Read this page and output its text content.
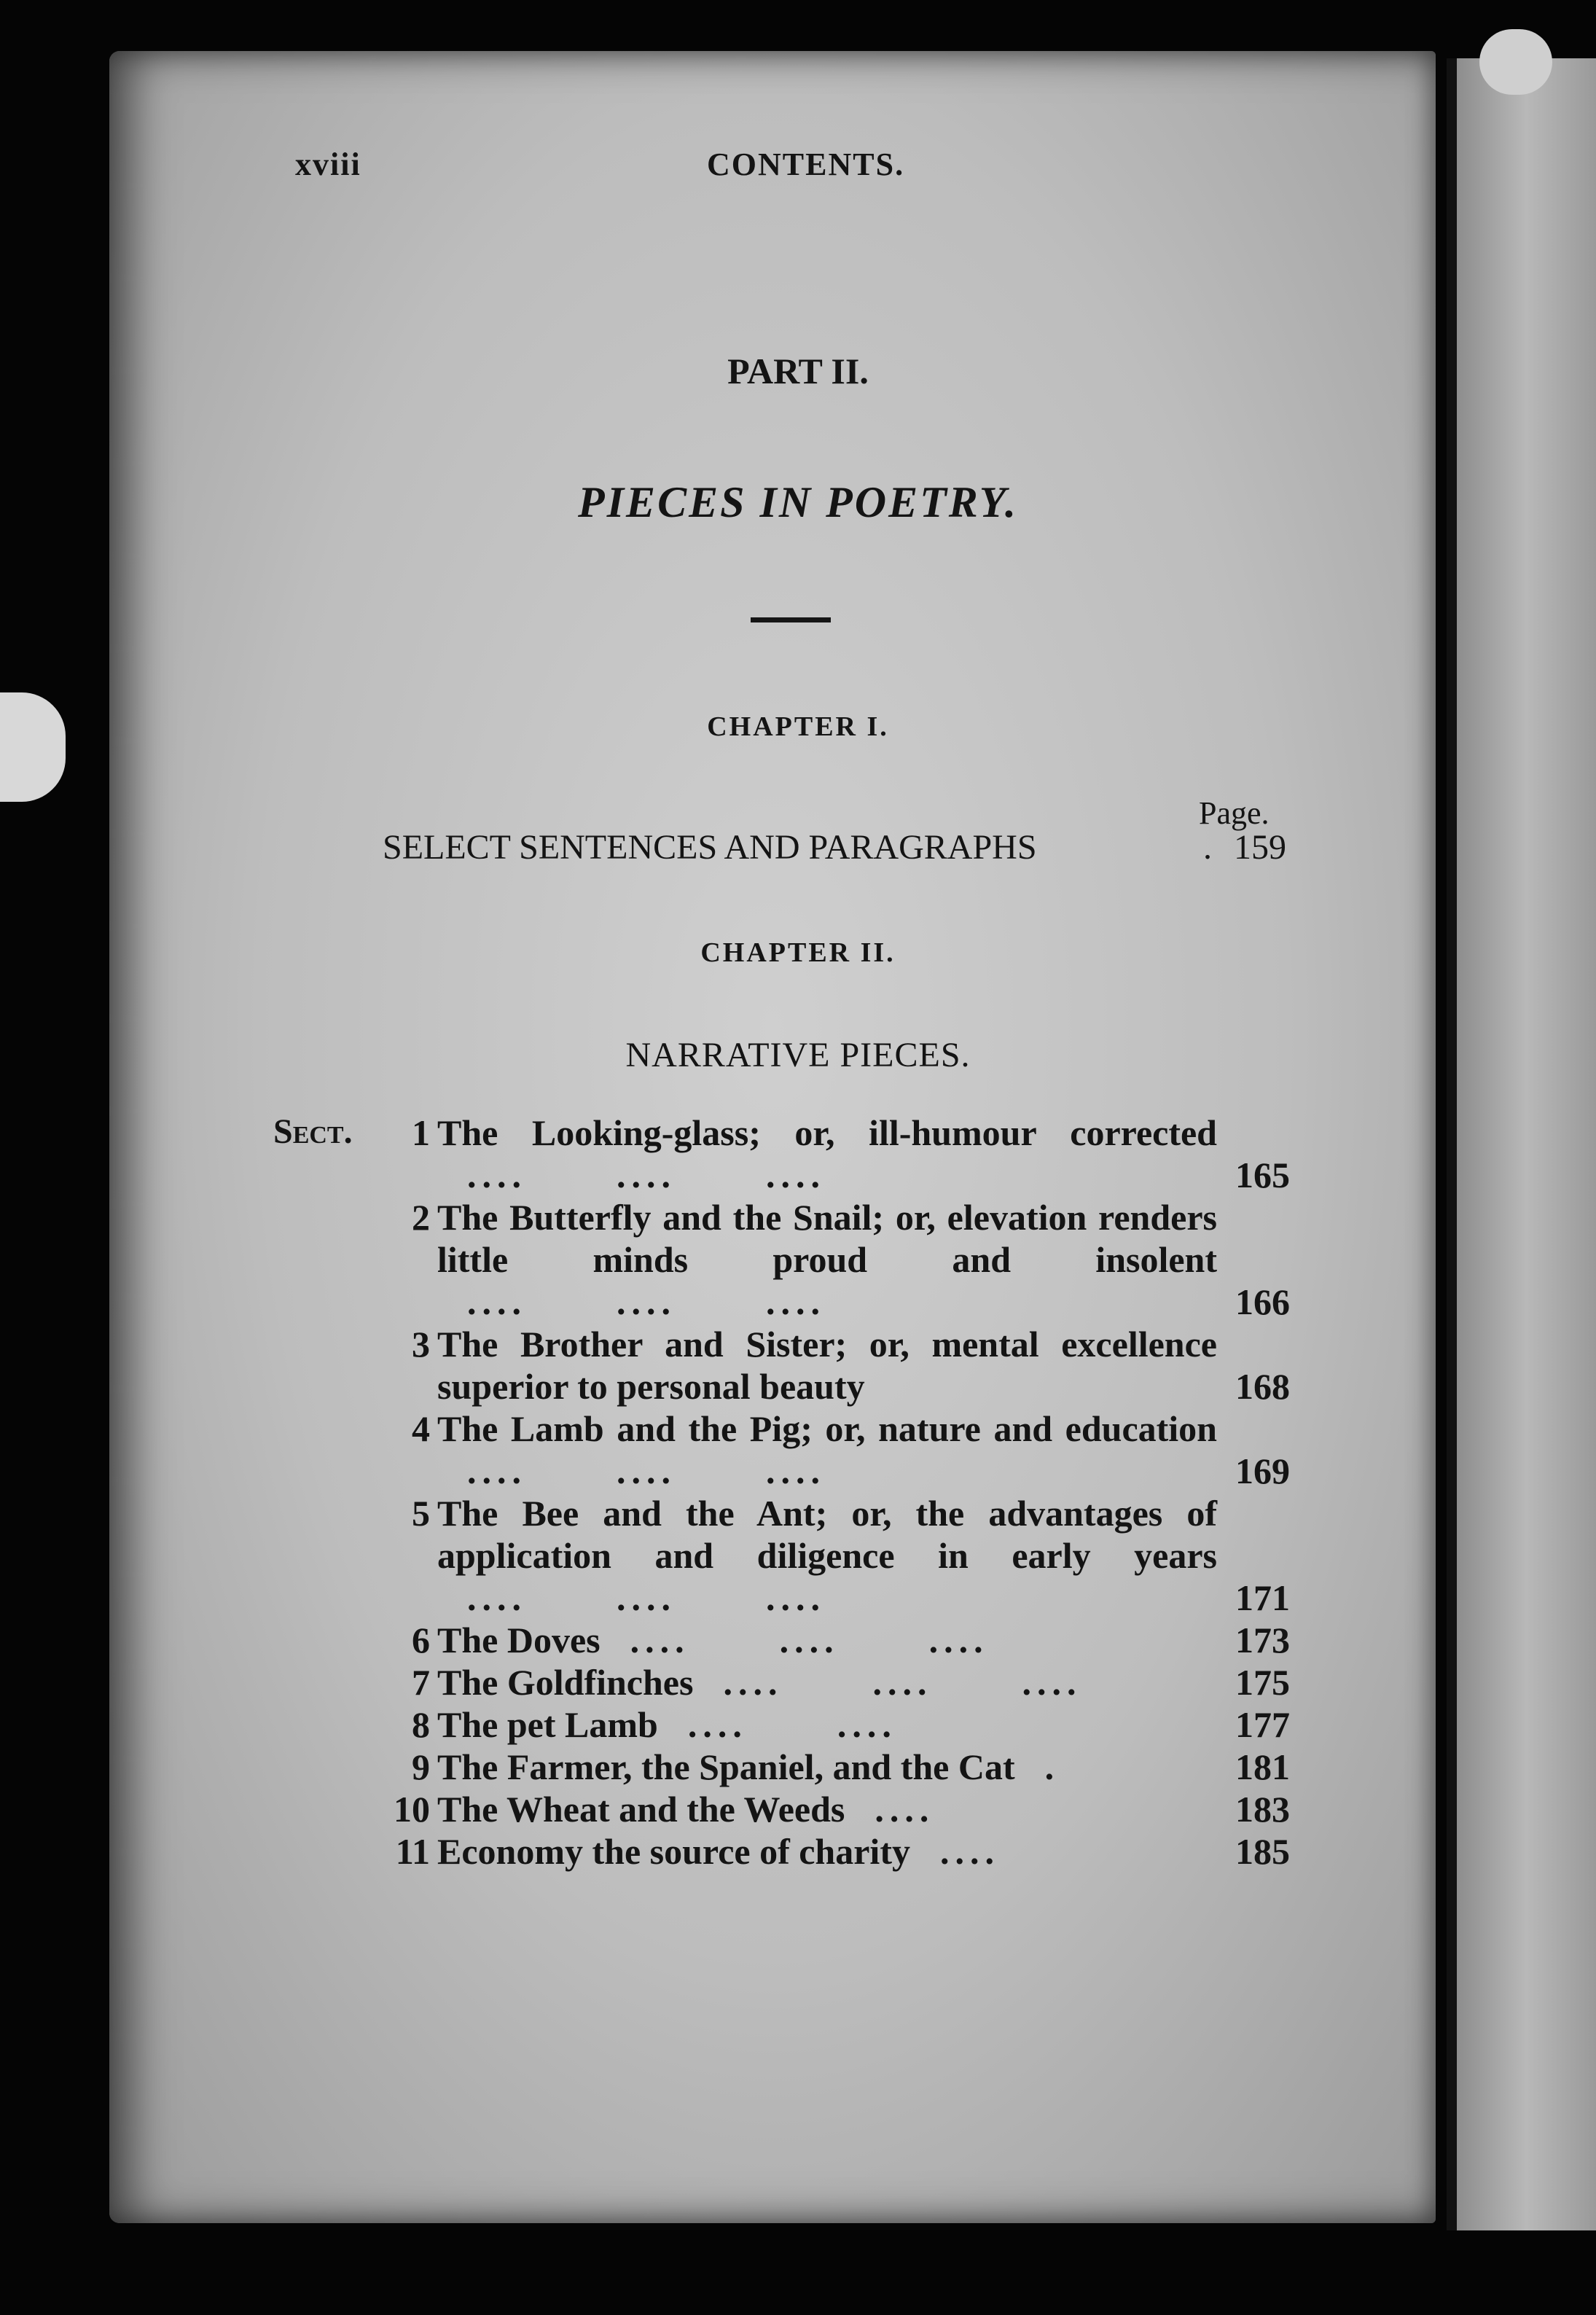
xviii	CONTENTS.
PART II.
PIECES IN POETRY.
CHAPTER I.
Page.
SELECT SENTENCES AND PARAGRAPHS	. 159
CHAPTER II.
NARRATIVE PIECES.
Sect.	1 The Looking-glass; or, ill-humour corrected  ....      ....      ....	165
2 The Butterfly and the Snail; or, elevation renders little minds proud and insolent  ....      ....      ....	166
3 The Brother and Sister; or, mental excellence superior to personal beauty	168
4 The Lamb and the Pig; or, nature and education  ....      ....      ....	169
5 The Bee and the Ant; or, the advantages of application and diligence in early years  ....      ....      ....	171
6 The Doves  ....      ....      ....	173
7 The Goldfinches  ....      ....      ....	175
8 The pet Lamb  ....      ....	177
9 The Farmer, the Spaniel, and the Cat  .	181
10 The Wheat and the Weeds  ....	183
11 Economy the source of charity  ....	185
